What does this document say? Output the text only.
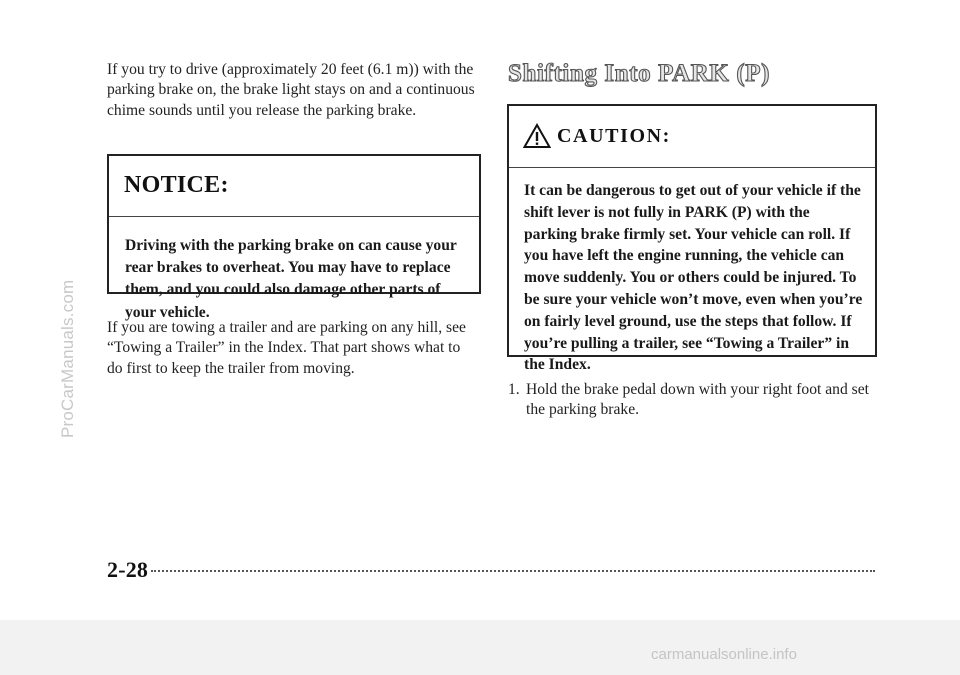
ProCarManuals.com

If you try to drive (approximately 20 feet (6.1 m)) with the parking brake on, the brake light stays on and a continuous chime sounds until you release the parking brake.

NOTICE:
Driving with the parking brake on can cause your rear brakes to overheat. You may have to replace them, and you could also damage other parts of your vehicle.

If you are towing a trailer and are parking on any hill, see “Towing a Trailer” in the Index. That part shows what to do first to keep the trailer from moving.

Shifting Into PARK (P)
CAUTION:
It can be dangerous to get out of your vehicle if the shift lever is not fully in PARK (P) with the parking brake firmly set. Your vehicle can roll. If you have left the engine running, the vehicle can move suddenly. You or others could be injured. To be sure your vehicle won’t move, even when you’re on fairly level ground, use the steps that follow. If you’re pulling a trailer, see “Towing a Trailer” in the Index.
1. Hold the brake pedal down with your right foot and set the parking brake.
2-28
carmanualsonline.info
